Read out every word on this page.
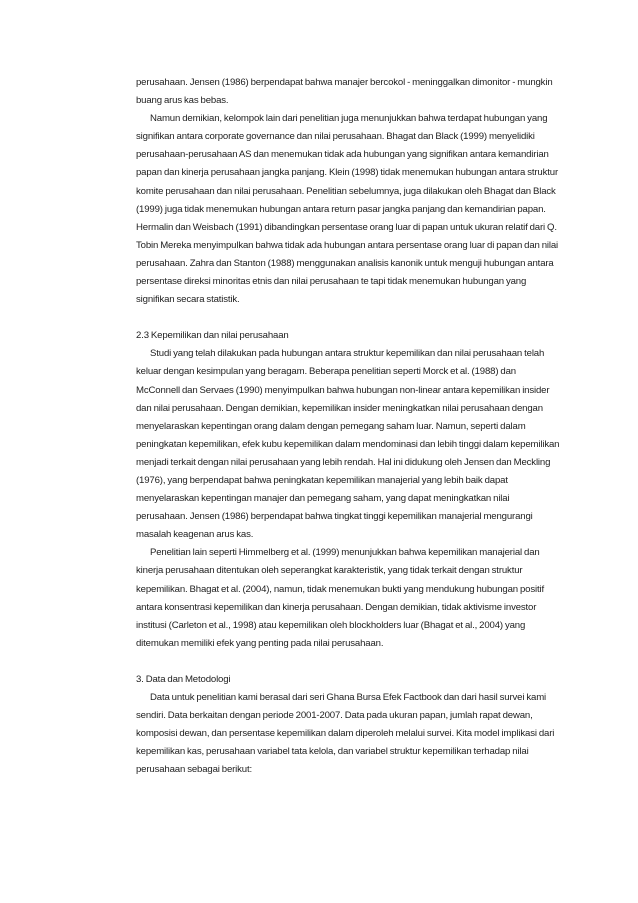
perusahaan. Jensen (1986) berpendapat bahwa manajer bercokol - meninggalkan dimonitor - mungkin buang arus kas bebas.

Namun demikian, kelompok lain dari penelitian juga menunjukkan bahwa terdapat hubungan yang signifikan antara corporate governance dan nilai perusahaan. Bhagat dan Black (1999) menyelidiki perusahaan-perusahaan AS dan menemukan tidak ada hubungan yang signifikan antara kemandirian papan dan kinerja perusahaan jangka panjang. Klein (1998) tidak menemukan hubungan antara struktur komite perusahaan dan nilai perusahaan. Penelitian sebelumnya, juga dilakukan oleh Bhagat dan Black (1999) juga tidak menemukan hubungan antara return pasar jangka panjang dan kemandirian papan. Hermalin dan Weisbach (1991) dibandingkan persentase orang luar di papan untuk ukuran relatif dari Q. Tobin Mereka menyimpulkan bahwa tidak ada hubungan antara persentase orang luar di papan dan nilai perusahaan. Zahra dan Stanton (1988) menggunakan analisis kanonik untuk menguji hubungan antara persentase direksi minoritas etnis dan nilai perusahaan te tapi tidak menemukan hubungan yang signifikan secara statistik.

2.3 Kepemilikan dan nilai perusahaan

Studi yang telah dilakukan pada hubungan antara struktur kepemilikan dan nilai perusahaan telah keluar dengan kesimpulan yang beragam. Beberapa penelitian seperti Morck et al. (1988) dan McConnell dan Servaes (1990) menyimpulkan bahwa hubungan non-linear antara kepemilikan insider dan nilai perusahaan. Dengan demikian, kepemilikan insider meningkatkan nilai perusahaan dengan menyelaraskan kepentingan orang dalam dengan pemegang saham luar. Namun, seperti dalam peningkatan kepemilikan, efek kubu kepemilikan dalam mendominasi dan lebih tinggi dalam kepemilikan menjadi terkait dengan nilai perusahaan yang lebih rendah. Hal ini didukung oleh Jensen dan Meckling (1976), yang berpendapat bahwa peningkatan kepemilikan manajerial yang lebih baik dapat menyelaraskan kepentingan manajer dan pemegang saham, yang dapat meningkatkan nilai perusahaan. Jensen (1986) berpendapat bahwa tingkat tinggi kepemilikan manajerial mengurangi masalah keagenan arus kas.

Penelitian lain seperti Himmelberg et al. (1999) menunjukkan bahwa kepemilikan manajerial dan kinerja perusahaan ditentukan oleh seperangkat karakteristik, yang tidak terkait dengan struktur kepemilikan. Bhagat et al. (2004), namun, tidak menemukan bukti yang mendukung hubungan positif antara konsentrasi kepemilikan dan kinerja perusahaan. Dengan demikian, tidak aktivisme investor institusi (Carleton et al., 1998) atau kepemilikan oleh blockholders luar (Bhagat et al., 2004) yang ditemukan memiliki efek yang penting pada nilai perusahaan.

3. Data dan Metodologi

Data untuk penelitian kami berasal dari seri Ghana Bursa Efek Factbook dan dari hasil survei kami sendiri. Data berkaitan dengan periode 2001-2007. Data pada ukuran papan, jumlah rapat dewan, komposisi dewan, dan persentase kepemilikan dalam diperoleh melalui survei. Kita model implikasi dari kepemilikan kas, perusahaan variabel tata kelola, dan variabel struktur kepemilikan terhadap nilai perusahaan sebagai berikut:
